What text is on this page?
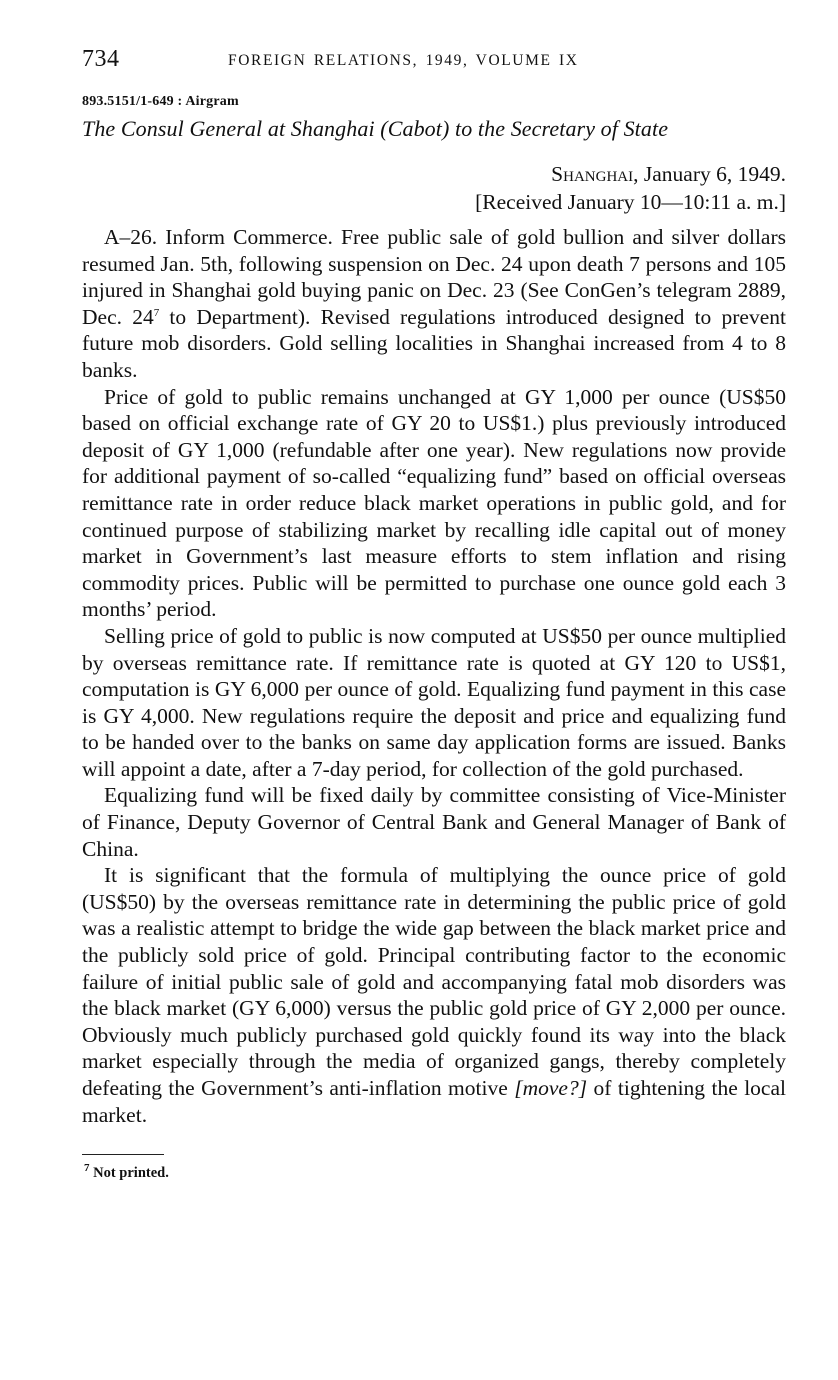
734	FOREIGN RELATIONS, 1949, VOLUME IX
893.5151/1-649 : Airgram
The Consul General at Shanghai (Cabot) to the Secretary of State
Shanghai, January 6, 1949.
[Received January 10—10:11 a. m.]

A–26. Inform Commerce. Free public sale of gold bullion and silver dollars resumed Jan. 5th, following suspension on Dec. 24 upon death 7 persons and 105 injured in Shanghai gold buying panic on Dec. 23 (See ConGen’s telegram 2889, Dec. $24^7$ to Department). Revised regulations introduced designed to prevent future mob disorders. Gold selling localities in Shanghai increased from 4 to 8 banks.

Price of gold to public remains unchanged at GY 1,000 per ounce (US$50 based on official exchange rate of GY 20 to US$1.) plus previously introduced deposit of GY 1,000 (refundable after one year). New regulations now provide for additional payment of so-called “equalizing fund” based on official overseas remittance rate in order reduce black market operations in public gold, and for continued purpose of stabilizing market by recalling idle capital out of money market in Government’s last measure efforts to stem inflation and rising commodity prices. Public will be permitted to purchase one ounce gold each 3 months’ period.

Selling price of gold to public is now computed at US$50 per ounce multiplied by overseas remittance rate. If remittance rate is quoted at GY 120 to US$1, computation is GY 6,000 per ounce of gold. Equalizing fund payment in this case is GY 4,000. New regulations require the deposit and price and equalizing fund to be handed over to the banks on same day application forms are issued. Banks will appoint a date, after a 7-day period, for collection of the gold purchased.

Equalizing fund will be fixed daily by committee consisting of Vice-Minister of Finance, Deputy Governor of Central Bank and General Manager of Bank of China.

It is significant that the formula of multiplying the ounce price of gold (US$50) by the overseas remittance rate in determining the public price of gold was a realistic attempt to bridge the wide gap between the black market price and the publicly sold price of gold. Principal contributing factor to the economic failure of initial public sale of gold and accompanying fatal mob disorders was the black market (GY 6,000) versus the public gold price of GY 2,000 per ounce. Obviously much publicly purchased gold quickly found its way into the black market especially through the media of organized gangs, thereby completely defeating the Government’s anti-inflation motive [move?] of tightening the local market.

$^7$ Not printed.
